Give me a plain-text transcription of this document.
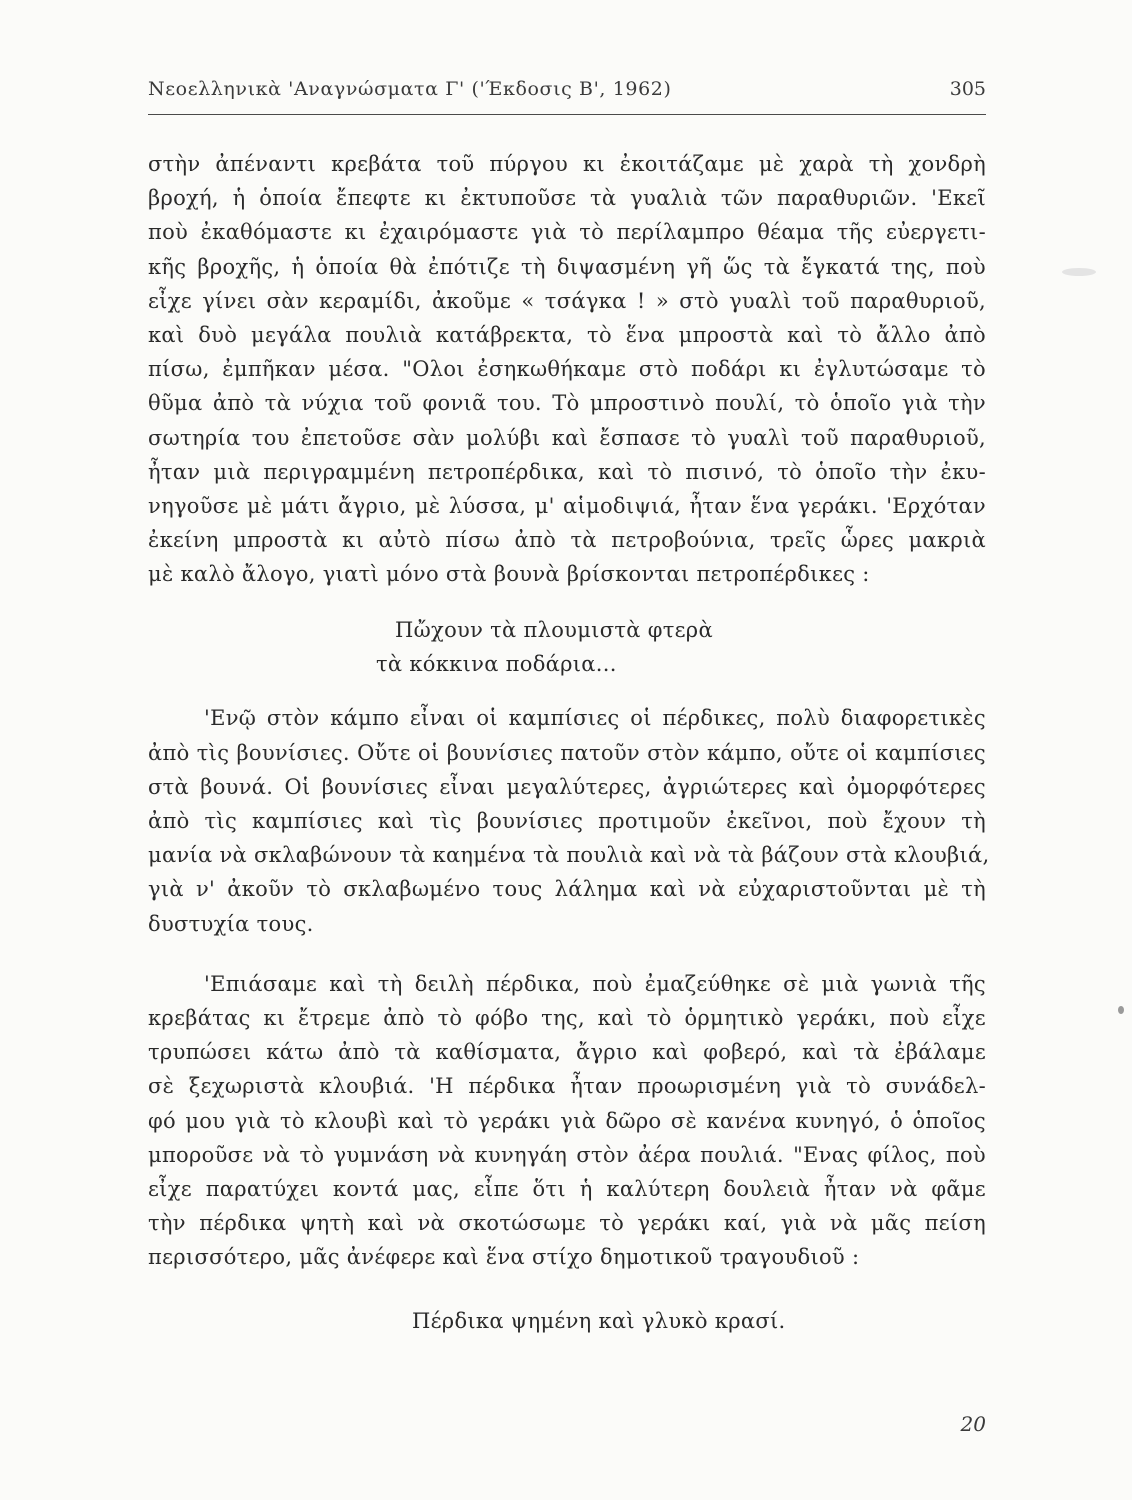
Νεοελληνικὰ 'Αναγνώσματα Γ' ('Έκδοσις Β', 1962)	305
στὴν ἀπέναντι κρεβάτα τοῦ πύργου κι ἐκοιτάζαμε μὲ χαρὰ τὴ χονδρὴ
βροχή, ἡ ὁποία ἔπεφτε κι ἐκτυποῦσε τὰ γυαλιὰ τῶν παραθυριῶν. 'Εκεῖ
ποὺ ἐκαθόμαστε κι ἐχαιρόμαστε γιὰ τὸ περίλαμπρο θέαμα τῆς εὐεργετι-
κῆς βροχῆς, ἡ ὁποία θὰ ἐπότιζε τὴ διψασμένη γῆ ὥς τὰ ἔγκατά της, ποὺ
εἶχε γίνει σὰν κεραμίδι, ἀκοῦμε « τσάγκα ! » στὸ γυαλὶ τοῦ παραθυριοῦ,
καὶ δυὸ μεγάλα πουλιὰ κατάβρεκτα, τὸ ἕνα μπροστὰ καὶ τὸ ἄλλο ἀπὸ
πίσω, ἐμπῆκαν μέσα. "Ολοι ἐσηκωθήκαμε στὸ ποδάρι κι ἐγλυτώσαμε τὸ
θῦμα ἀπὸ τὰ νύχια τοῦ φονιᾶ του. Τὸ μπροστινὸ πουλί, τὸ ὁποῖο γιὰ τὴν
σωτηρία του ἐπετοῦσε σὰν μολύβι καὶ ἔσπασε τὸ γυαλὶ τοῦ παραθυριοῦ,
ἦταν μιὰ περιγραμμένη πετροπέρδικα, καὶ τὸ πισινό, τὸ ὁποῖο τὴν ἐκυ-
νηγοῦσε μὲ μάτι ἄγριο, μὲ λύσσα, μ' αἱμοδιψιά, ἦταν ἕνα γεράκι. 'Ερχόταν
ἐκείνη μπροστὰ κι αὐτὸ πίσω ἀπὸ τὰ πετροβούνια, τρεῖς ὧρες μακριὰ
μὲ καλὸ ἄλογο, γιατὶ μόνο στὰ βουνὰ βρίσκονται πετροπέρδικες :
Πὤχουν τὰ πλουμιστὰ φτερὰ
τὰ κόκκινα ποδάρια...
'Ενῷ στὸν κάμπο εἶναι οἱ καμπίσιες οἱ πέρδικες, πολὺ διαφορετικὲς
ἀπὸ τὶς βουνίσιες. Οὔτε οἱ βουνίσιες πατοῦν στὸν κάμπο, οὔτε οἱ καμπίσιες
στὰ βουνά. Οἱ βουνίσιες εἶναι μεγαλύτερες, ἀγριώτερες καὶ ὀμορφότερες
ἀπὸ τὶς καμπίσιες καὶ τὶς βουνίσιες προτιμοῦν ἐκεῖνοι, ποὺ ἔχουν τὴ
μανία νὰ σκλαβώνουν τὰ καημένα τὰ πουλιὰ καὶ νὰ τὰ βάζουν στὰ κλουβιά,
γιὰ ν' ἀκοῦν τὸ σκλαβωμένο τους λάλημα καὶ νὰ εὐχαριστοῦνται μὲ τὴ
δυστυχία τους.
'Επιάσαμε καὶ τὴ δειλὴ πέρδικα, ποὺ ἐμαζεύθηκε σὲ μιὰ γωνιὰ τῆς
κρεβάτας κι ἔτρεμε ἀπὸ τὸ φόβο της, καὶ τὸ ὁρμητικὸ γεράκι, ποὺ εἶχε
τρυπώσει κάτω ἀπὸ τὰ καθίσματα, ἄγριο καὶ φοβερό, καὶ τὰ ἐβάλαμε
σὲ ξεχωριστὰ κλουβιά. 'Η πέρδικα ἦταν προωρισμένη γιὰ τὸ συνάδελ-
φό μου γιὰ τὸ κλουβὶ καὶ τὸ γεράκι γιὰ δῶρο σὲ κανένα κυνηγό, ὁ ὁποῖος
μποροῦσε νὰ τὸ γυμνάση νὰ κυνηγάη στὸν ἀέρα πουλιά. "Ενας φίλος, ποὺ
εἶχε παρατύχει κοντά μας, εἶπε ὅτι ἡ καλύτερη δουλειὰ ἦταν νὰ φᾶμε
τὴν πέρδικα ψητὴ καὶ νὰ σκοτώσωμε τὸ γεράκι καί, γιὰ νὰ μᾶς πείση
περισσότερο, μᾶς ἀνέφερε καὶ ἕνα στίχο δημοτικοῦ τραγουδιοῦ :
Πέρδικα ψημένη καὶ γλυκὸ κρασί.
20
